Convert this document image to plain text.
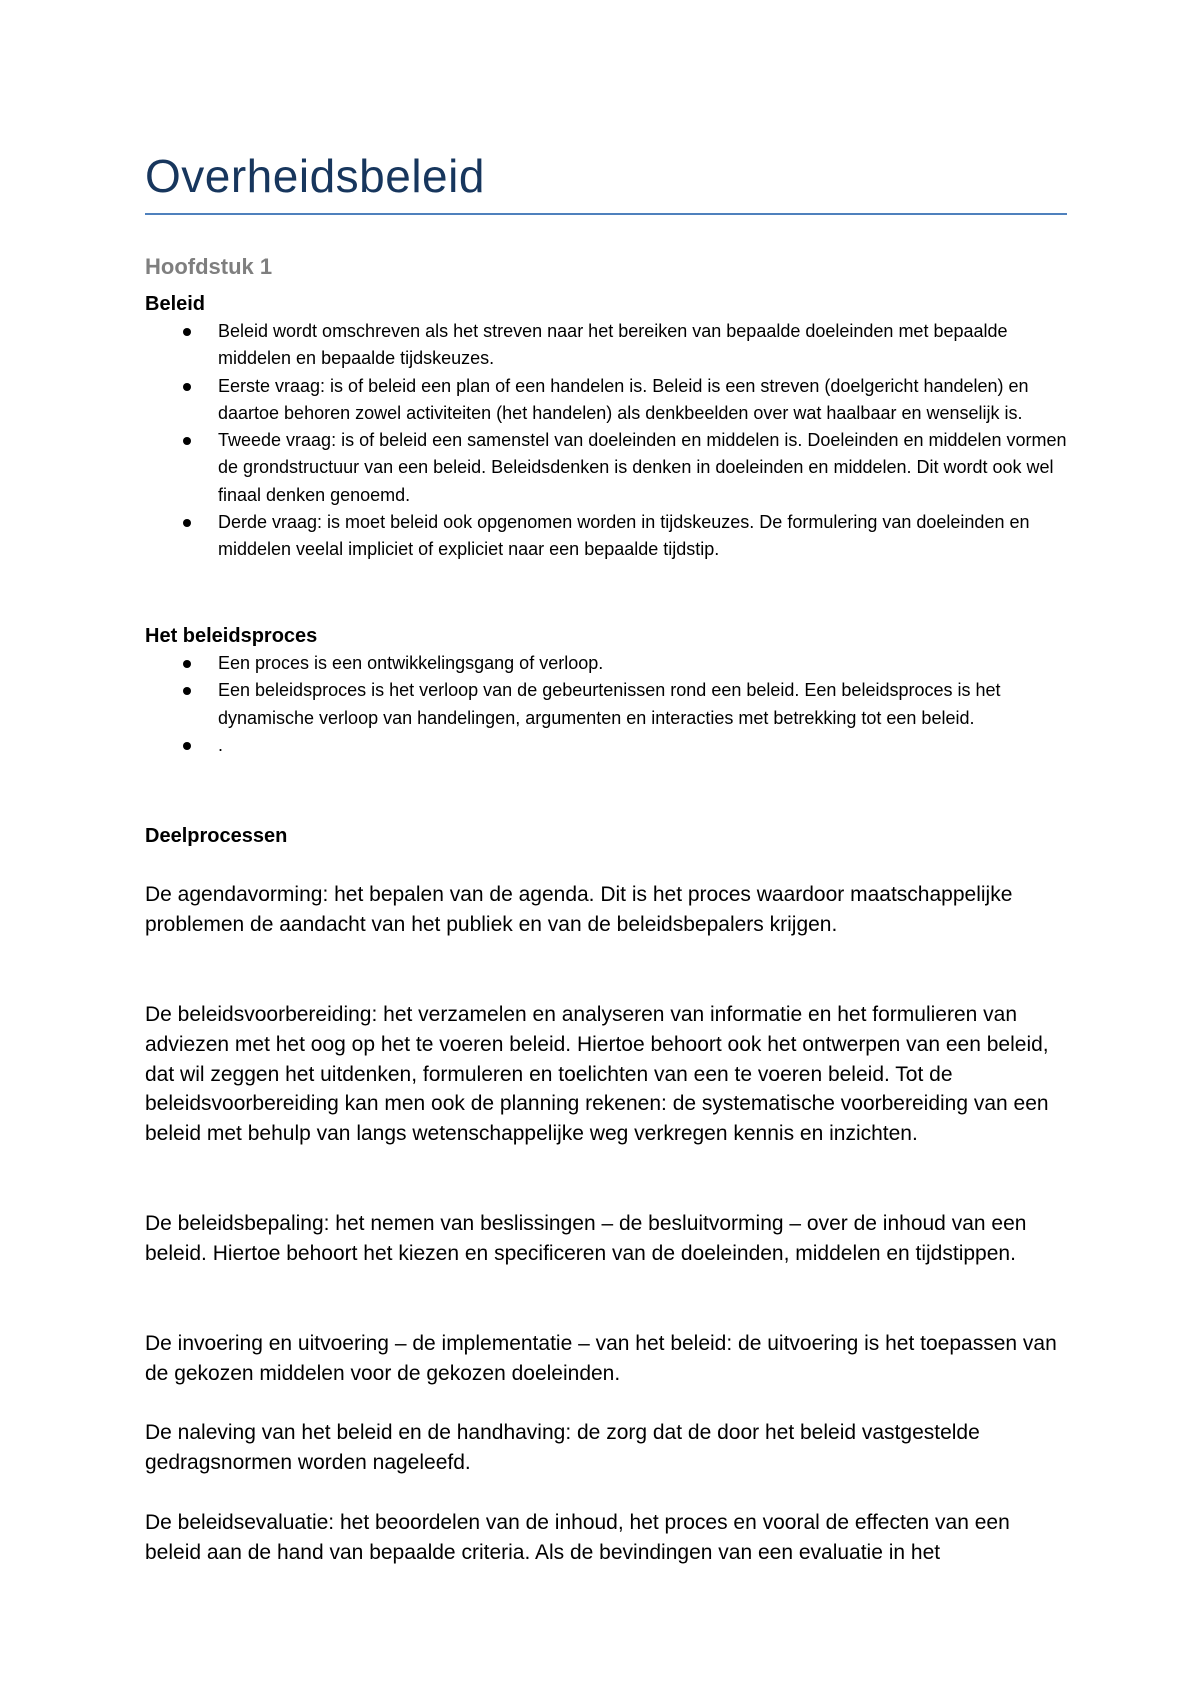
Overheidsbeleid
Hoofdstuk 1
Beleid
Beleid wordt omschreven als het streven naar het bereiken van bepaalde doeleinden met bepaalde middelen en bepaalde tijdskeuzes.
Eerste vraag: is of beleid een plan of een handelen is. Beleid is een streven (doelgericht handelen) en daartoe behoren zowel activiteiten (het handelen) als denkbeelden over wat haalbaar en wenselijk is.
Tweede vraag: is of beleid een samenstel van doeleinden en middelen is. Doeleinden en middelen vormen de grondstructuur van een beleid. Beleidsdenken is denken in doeleinden en middelen. Dit wordt ook wel finaal denken genoemd.
Derde vraag: is moet beleid ook opgenomen worden in tijdskeuzes. De formulering van doeleinden en middelen veelal impliciet of expliciet naar een bepaalde tijdstip.
Het beleidsproces
Een proces is een ontwikkelingsgang of verloop.
Een beleidsproces is het verloop van de gebeurtenissen rond een beleid. Een beleidsproces is het dynamische verloop van handelingen, argumenten en interacties met betrekking tot een beleid.
.
Deelprocessen

De agendavorming: het bepalen van de agenda. Dit is het proces waardoor maatschappelijke problemen de aandacht van het publiek en van de beleidsbepalers krijgen.

De beleidsvoorbereiding: het verzamelen en analyseren van informatie en het formulieren van adviezen met het oog op het te voeren beleid. Hiertoe behoort ook het ontwerpen van een beleid, dat wil zeggen het uitdenken, formuleren en toelichten van een te voeren beleid. Tot de beleidsvoorbereiding kan men ook de planning rekenen: de systematische voorbereiding van een beleid met behulp van langs wetenschappelijke weg verkregen kennis en inzichten.

De beleidsbepaling: het nemen van beslissingen – de besluitvorming – over de inhoud van een beleid. Hiertoe behoort het kiezen en specificeren van de doeleinden, middelen en tijdstippen.

De invoering en uitvoering – de implementatie – van het beleid: de uitvoering is het toepassen van de gekozen middelen voor de gekozen doeleinden.

De naleving van het beleid en de handhaving: de zorg dat de door het beleid vastgestelde gedragsnormen worden nageleefd.

De beleidsevaluatie: het beoordelen van de inhoud, het proces en vooral de effecten van een beleid aan de hand van bepaalde criteria. Als de bevindingen van een evaluatie in het
